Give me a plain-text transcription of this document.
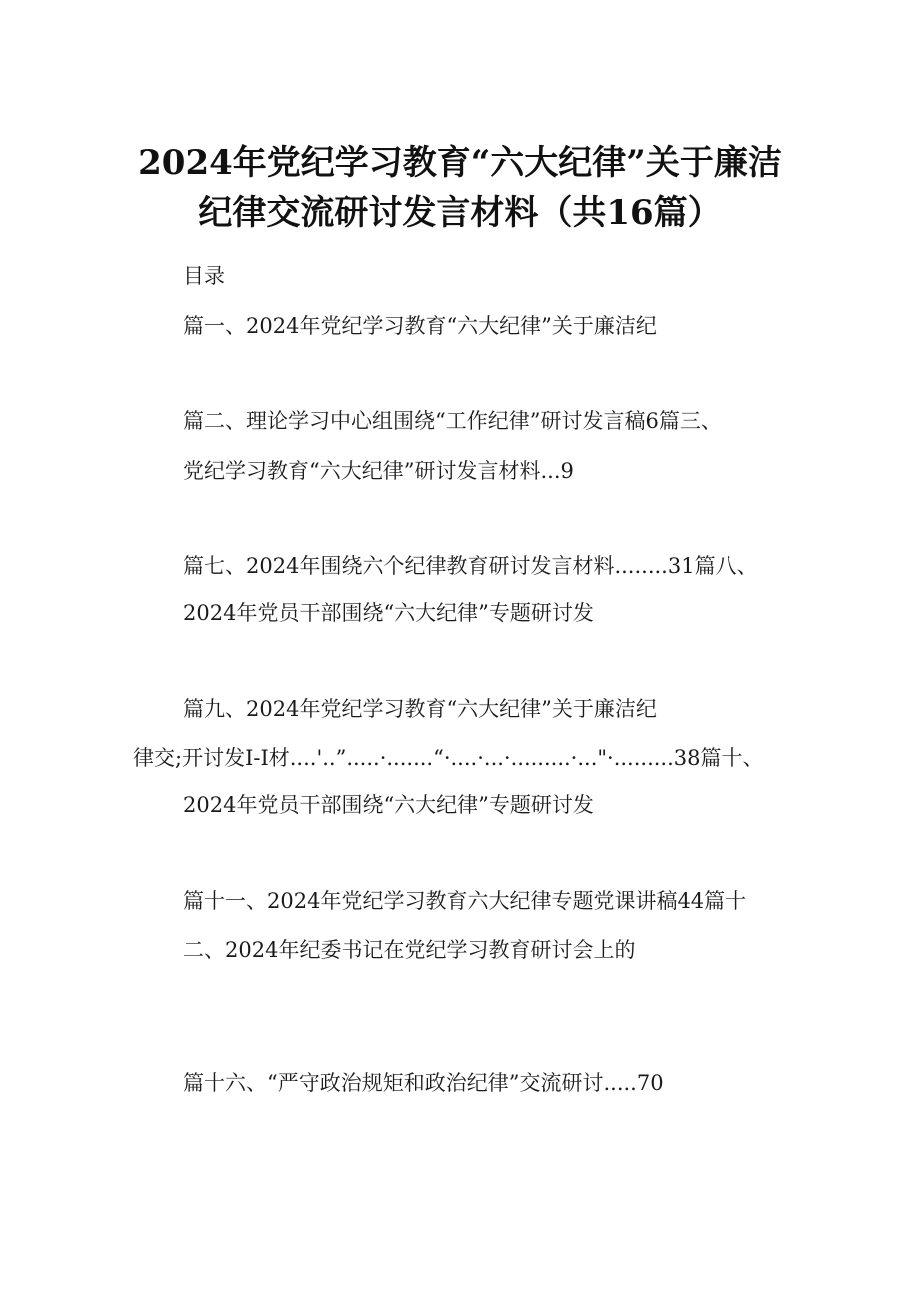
2024年党纪学习教育“六大纪律”关于廉洁
纪律交流研讨发言材料（共16篇）
目录
篇一、2024年党纪学习教育“六大纪律”关于廉洁纪
篇二、理论学习中心组围绕“工作纪律”研讨发言稿6篇三、
党纪学习教育“六大纪律”研讨发言材料...9
篇七、2024年围绕六个纪律教育研讨发言材料........31篇八、
2024年党员干部围绕“六大纪律”专题研讨发
篇九、2024年党纪学习教育“六大纪律”关于廉洁纪
律交;开讨发I-I材....'..”.....·.......“·....·...·.........·..."·.........38篇十、
2024年党员干部围绕“六大纪律”专题研讨发
篇十一、2024年党纪学习教育六大纪律专题党课讲稿44篇十
二、2024年纪委书记在党纪学习教育研讨会上的
篇十六、“严守政治规矩和政治纪律”交流研讨.....70
